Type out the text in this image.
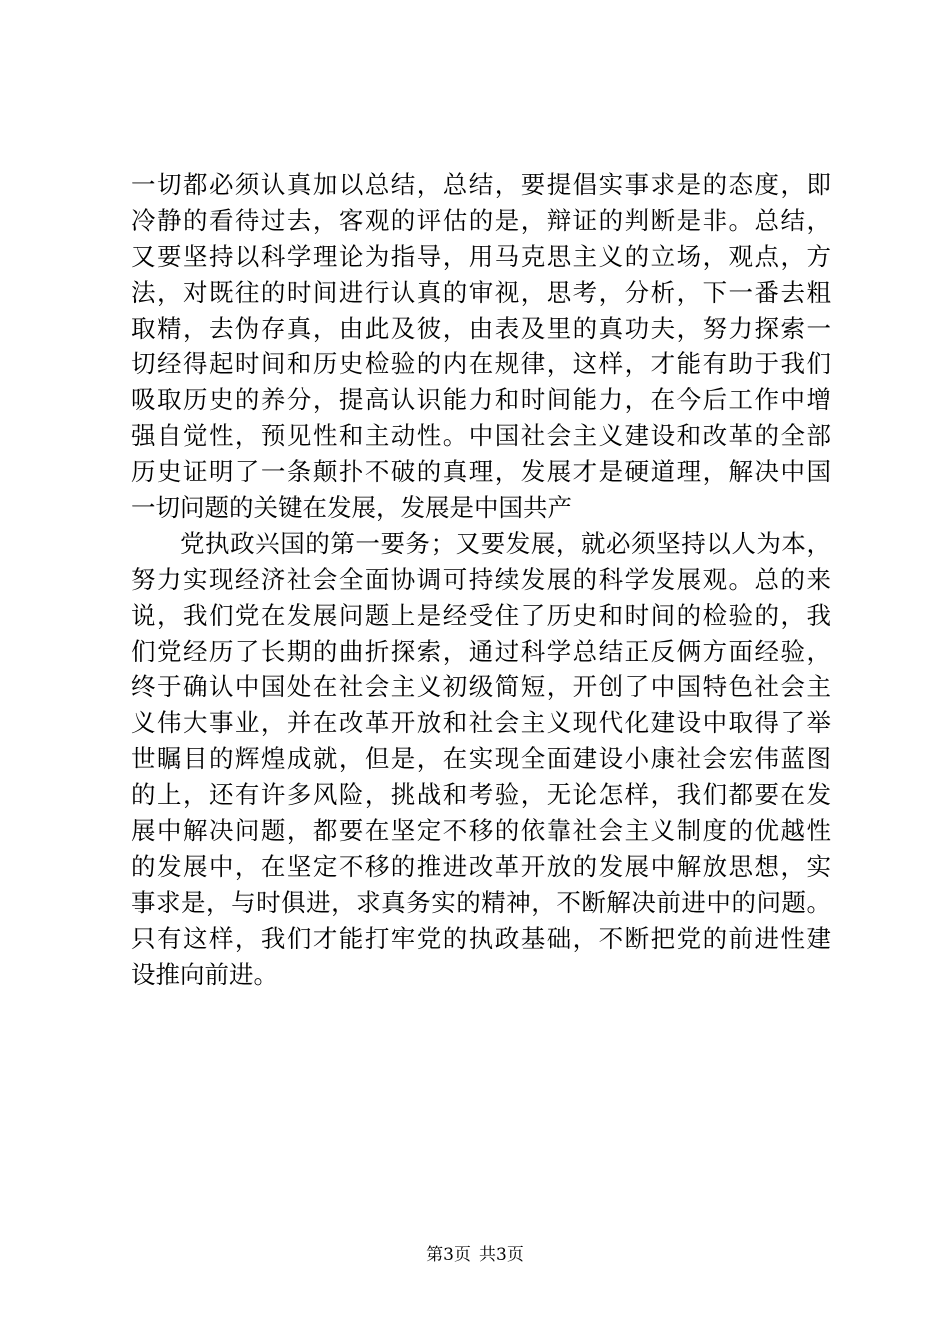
一切都必须认真加以总结，总结，要提倡实事求是的态度，即
冷静的看待过去，客观的评估的是，辩证的判断是非。总结，
又要坚持以科学理论为指导，用马克思主义的立场，观点，方
法，对既往的时间进行认真的审视，思考，分析，下一番去粗
取精，去伪存真，由此及彼，由表及里的真功夫，努力探索一
切经得起时间和历史检验的内在规律，这样，才能有助于我们
吸取历史的养分，提高认识能力和时间能力，在今后工作中增
强自觉性，预见性和主动性。中国社会主义建设和改革的全部
历史证明了一条颠扑不破的真理，发展才是硬道理，解决中国
一切问题的关键在发展，发展是中国共产
党执政兴国的第一要务；又要发展，就必须坚持以人为本，
努力实现经济社会全面协调可持续发展的科学发展观。总的来
说，我们党在发展问题上是经受住了历史和时间的检验的，我
们党经历了长期的曲折探索，通过科学总结正反俩方面经验，
终于确认中国处在社会主义初级简短，开创了中国特色社会主
义伟大事业，并在改革开放和社会主义现代化建设中取得了举
世瞩目的辉煌成就，但是，在实现全面建设小康社会宏伟蓝图
的上，还有许多风险，挑战和考验，无论怎样，我们都要在发
展中解决问题，都要在坚定不移的依靠社会主义制度的优越性
的发展中，在坚定不移的推进改革开放的发展中解放思想，实
事求是，与时俱进，求真务实的精神，不断解决前进中的问题。
只有这样，我们才能打牢党的执政基础，不断把党的前进性建
设推向前进。
第3页 共3页
